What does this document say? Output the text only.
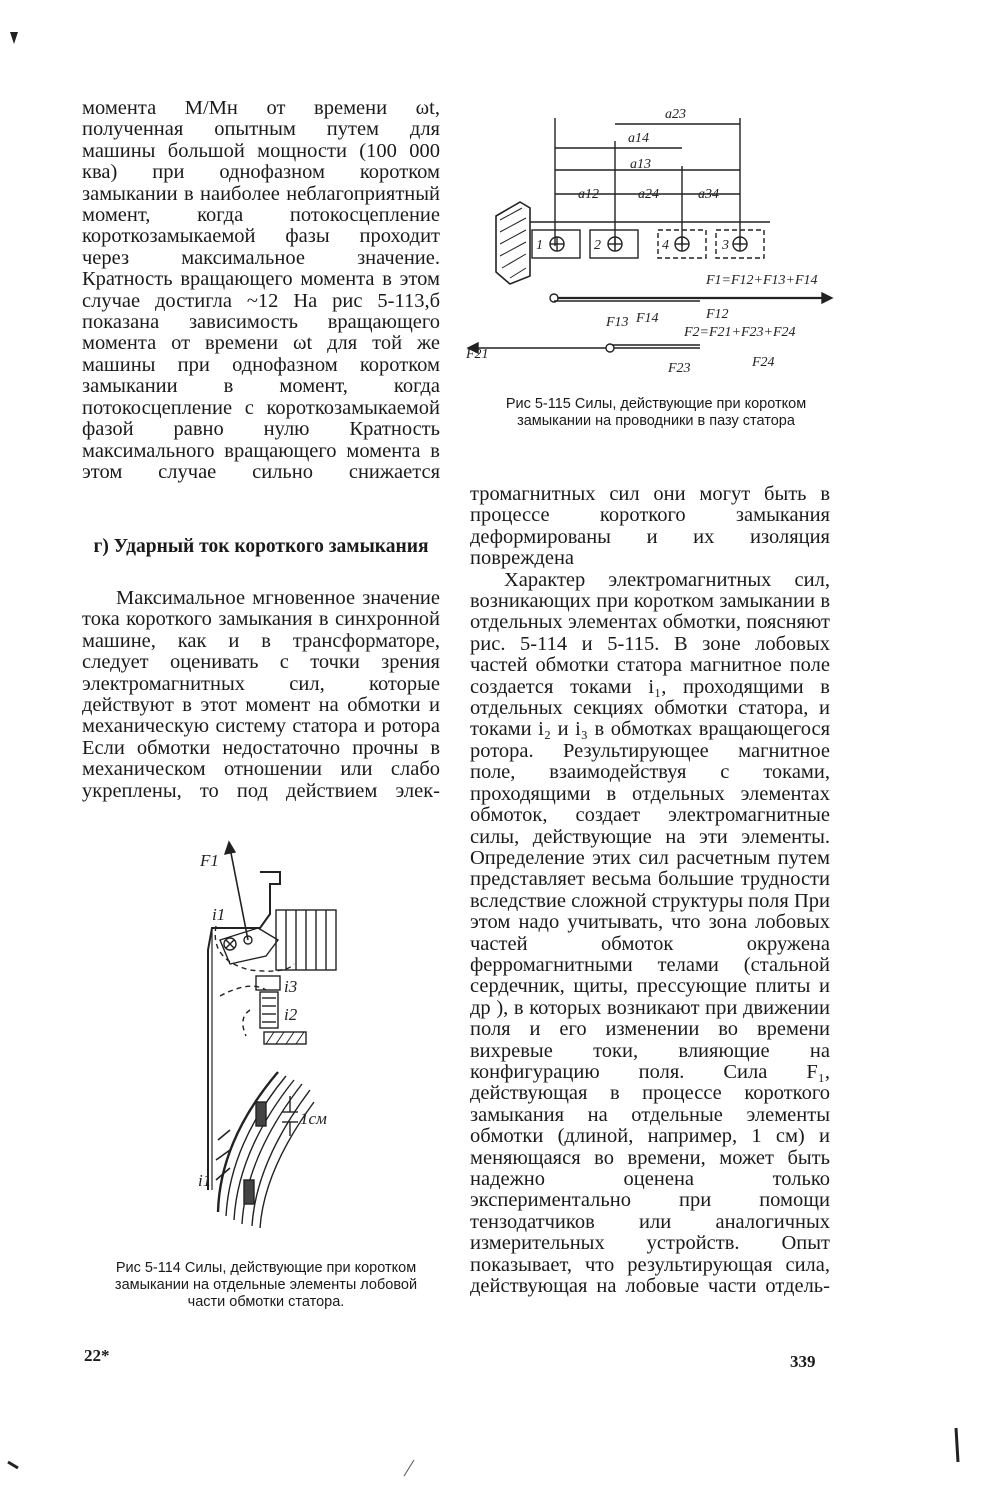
момента M/Mн от времени ωt, полученная опытным путем для машины большой мощности (100 000 ква) при однофазном коротком замыкании в наиболее неблагоприятный момент, когда потокосцепление короткозамыкаемой фазы проходит через максимальное значение. Кратность вращающего момента в этом случае достигла ~12 На рис 5-113,б показана зависимость вращающего момента от времени ωt для той же машины при однофазном коротком замыкании в момент, когда потокосцепление с короткозамыкаемой фазой равно нулю Кратность максимального вращающего момента в этом случае сильно снижается

г) Ударный ток короткого замыкания

Максимальное мгновенное значение тока короткого замыкания в синхронной машине, как и в трансформаторе, следует оценивать с точки зрения электромагнитных сил, которые действуют в этот момент на обмотки и механическую систему статора и ротора Если обмотки недостаточно прочны в механическом отношении или слабо укреплены, то под действием элек-

тромагнитных сил они могут быть в процессе короткого замыкания деформированы и их изоляция повреждена

Характер электромагнитных сил, возникающих при коротком замыкании в отдельных элементах обмотки, поясняют рис. 5-114 и 5-115. В зоне лобовых частей обмотки статора магнитное поле создается токами i₁, проходящими в отдельных секциях обмотки статора, и токами i₂ и i₃ в обмотках вращающегося ротора. Результирующее магнитное поле, взаимодействуя с токами, проходящими в отдельных элементах обмоток, создает электромагнитные силы, действующие на эти элементы. Определение этих сил расчетным путем представляет весьма большие трудности вследствие сложной структуры поля При этом надо учитывать, что зона лобовых частей обмоток окружена ферромагнитными телами (стальной сердечник, щиты, прессующие плиты и др ), в которых возникают при движении поля и его изменении во времени вихревые токи, влияющие на конфигурацию поля. Сила F₁, действующая в процессе короткого замыкания на отдельные элементы обмотки (длиной, например, 1 см) и меняющаяся во времени, может быть надежно оценена только экспериментально при помощи тензодатчиков или аналогичных измерительных устройств. Опыт показывает, что результирующая сила, действующая на лобовые части отдель-

a23
a14
a13
a12	a24	a34
1	2	4	3
F1=F12+F13+F14
F12
F13 F14
F2=F21+F23+F24
F21
F23	F24
Рис 5-115 Силы, действующие при коротком замыкании на проводники в пазу статора
F1
i1
i3
i2
1см
i1
Рис 5-114 Силы, действующие при коротком замыкании на отдельные элементы лобовой части обмотки статора.
22*	339
